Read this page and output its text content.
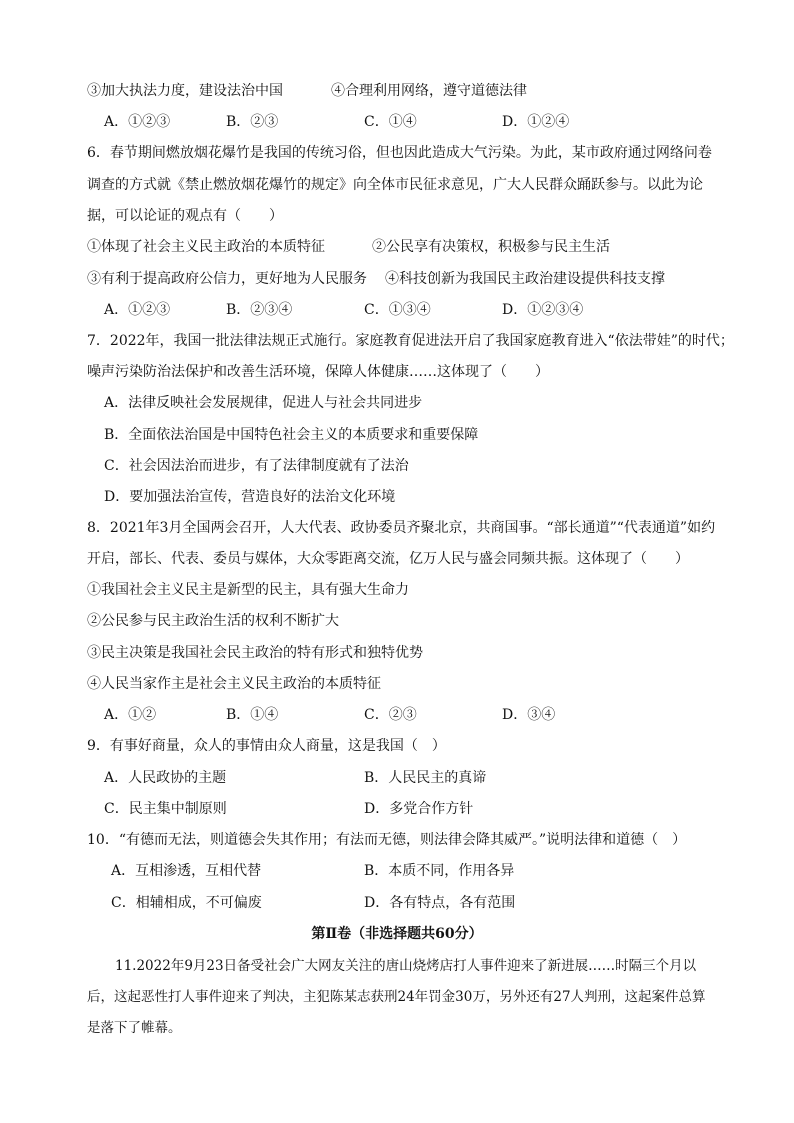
③加大执法力度，建设法治中国	④合理利用网络，遵守道德法律
A．①②③	B．②③	C．①④	D．①②④
6．春节期间燃放烟花爆竹是我国的传统习俗，但也因此造成大气污染。为此，某市政府通过网络问卷
调查的方式就《禁止燃放烟花爆竹的规定》向全体市民征求意见，广大人民群众踊跃参与。以此为论
据，可以论证的观点有（　　）
①体现了社会主义民主政治的本质特征	②公民享有决策权，积极参与民主生活
③有利于提高政府公信力，更好地为人民服务 ④科技创新为我国民主政治建设提供科技支撑
A．①②③	B．②③④	C．①③④	D．①②③④
7．2022年，我国一批法律法规正式施行。家庭教育促进法开启了我国家庭教育进入“依法带娃”的时代；
噪声污染防治法保护和改善生活环境，保障人体健康……这体现了（　　）
A．法律反映社会发展规律，促进人与社会共同进步
B．全面依法治国是中国特色社会主义的本质要求和重要保障
C．社会因法治而进步，有了法律制度就有了法治
D．要加强法治宣传，营造良好的法治文化环境
8．2021年3月全国两会召开，人大代表、政协委员齐聚北京，共商国事。“部长通道”“代表通道”如约
开启，部长、代表、委员与媒体，大众零距离交流，亿万人民与盛会同频共振。这体现了（　　）
①我国社会主义民主是新型的民主，具有强大生命力
②公民参与民主政治生活的权利不断扩大
③民主决策是我国社会民主政治的特有形式和独特优势
④人民当家作主是社会主义民主政治的本质特征
A．①②	B．①④	C．②③	D．③④
9．有事好商量，众人的事情由众人商量，这是我国（　）
A．人民政协的主题	B．人民民主的真谛
C．民主集中制原则	D．多党合作方针
10．“有德而无法，则道德会失其作用；有法而无德，则法律会降其威严。”说明法律和道德（　）
A．互相渗透，互相代替	B．本质不同，作用各异
C．相辅相成，不可偏废	D．各有特点，各有范围
第Ⅱ卷（非选择题共60分）
11.2022年9月23日备受社会广大网友关注的唐山烧烤店打人事件迎来了新进展……时隔三个月以后，这起恶性打人事件迎来了判决，主犯陈某志获刑24年罚金30万，另外还有27人判刑，这起案件总算是落下了帷幕。
